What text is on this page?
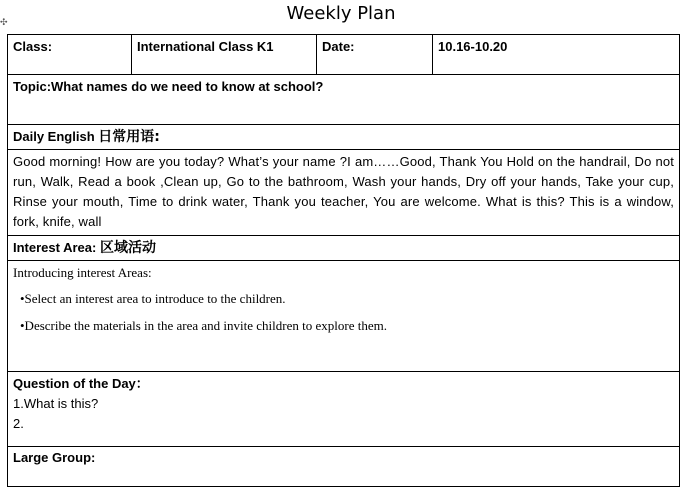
✣	Weekly Plan
Class:	International Class K1	Date:	10.16-10.20
Topic:What names do we need to know at school?
Daily English 日常用语:
Good morning! How are you today? What’s your name ?I am……Good, Thank You Hold on the handrail, Do not run, Walk, Read a book ,Clean up, Go to the bathroom, Wash your hands, Dry off your hands, Take your cup, Rinse your mouth, Time to drink water, Thank you teacher, You are welcome. What is this? This is a window, fork, knife, wall
Interest Area: 区域活动

Introducing interest Areas:
•Select an interest area to introduce to the children.
•Describe the materials in the area and invite children to explore them.

Question of the Day：
1.What is this?
2.

Large Group:
